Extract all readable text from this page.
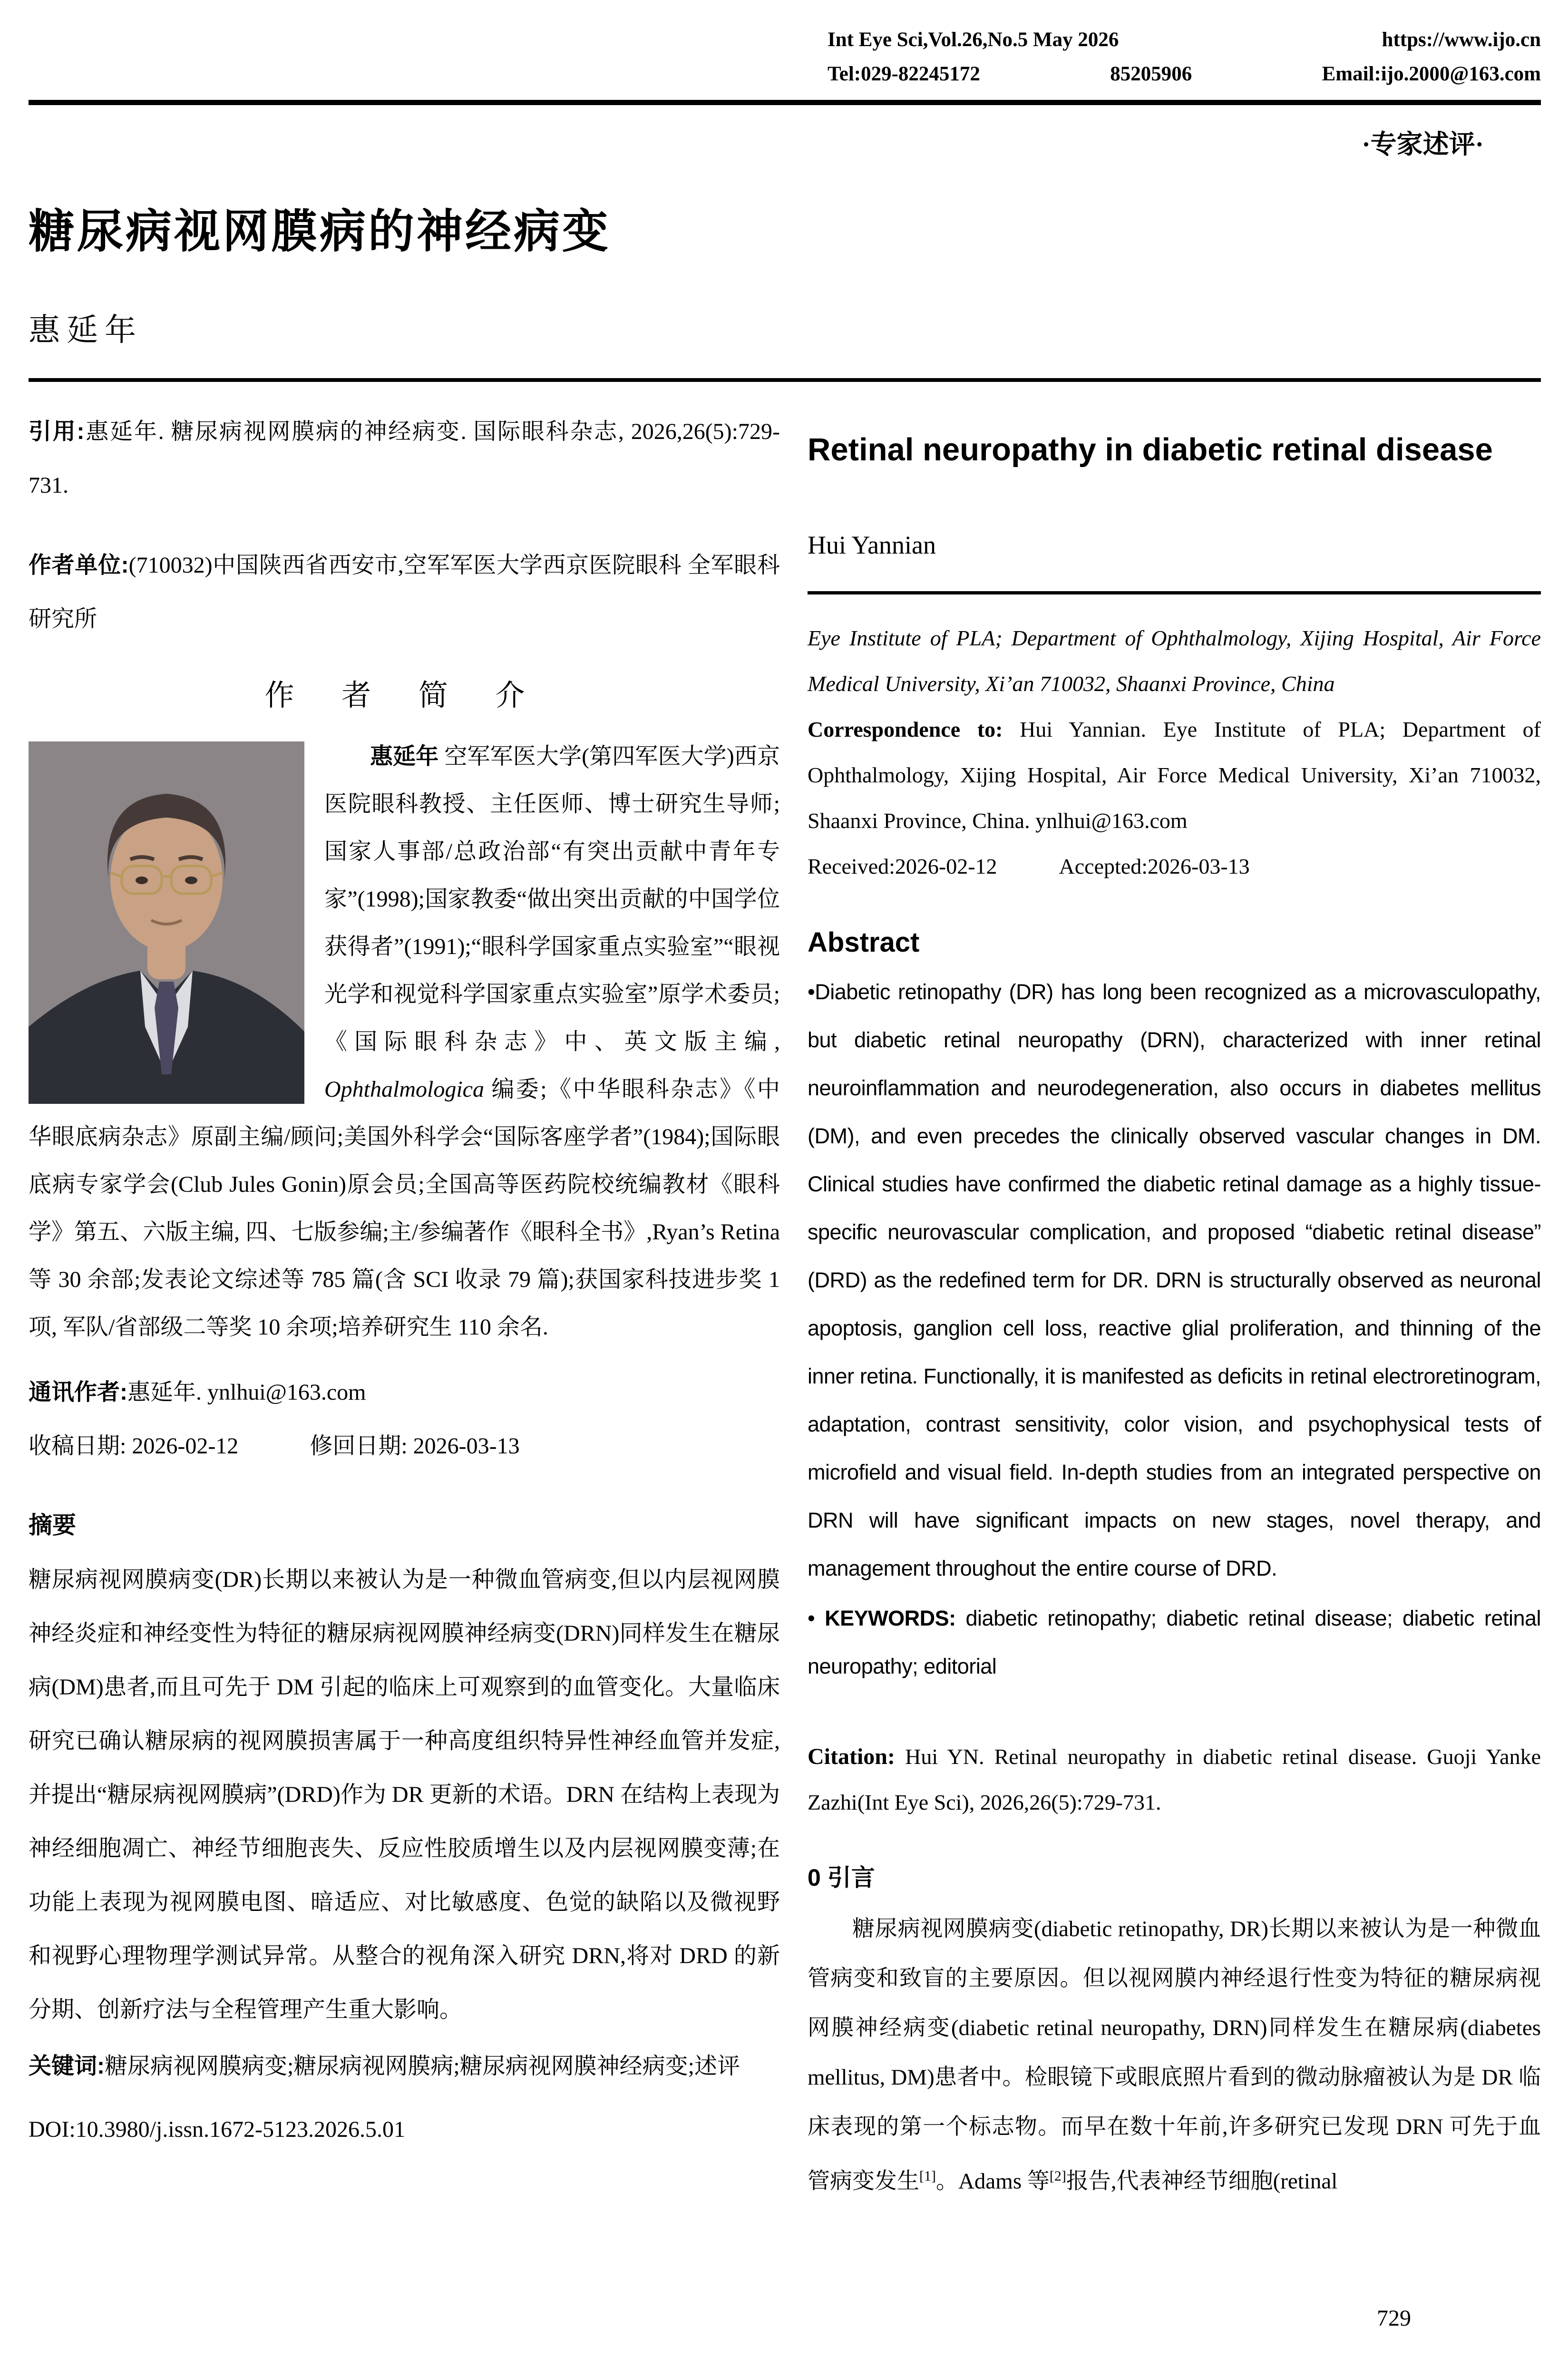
Int Eye Sci,Vol.26,No.5 May 2026	https://www.ijo.cn
Tel:029-82245172	85205906	Email:ijo.2000@163.com
·专家述评·
糖尿病视网膜病的神经病变
惠延年

引用:惠延年. 糖尿病视网膜病的神经病变. 国际眼科杂志, 2026,26(5):729-731.

作者单位:(710032)中国陕西省西安市,空军军医大学西京医院眼科 全军眼科研究所

作 者 简 介

惠延年 空军军医大学(第四军医大学)西京医院眼科教授、主任医师、博士研究生导师;国家人事部/总政治部“有突出贡献中青年专家”(1998);国家教委“做出突出贡献的中国学位获得者”(1991);“眼科学国家重点实验室”“眼视光学和视觉科学国家重点实验室”原学术委员;《国际眼科杂志》中、英文版主编, Ophthalmologica 编委;《中华眼科杂志》《中华眼底病杂志》原副主编/顾问;美国外科学会“国际客座学者”(1984);国际眼底病专家学会(Club Jules Gonin)原会员;全国高等医药院校统编教材《眼科学》第五、六版主编, 四、七版参编;主/参编著作《眼科全书》,Ryan’s Retina 等 30 余部;发表论文综述等 785 篇(含 SCI 收录 79 篇);获国家科技进步奖 1 项, 军队/省部级二等奖 10 余项;培养研究生 110 余名.

通讯作者:惠延年. ynlhui@163.com

收稿日期: 2026-02-12	修回日期: 2026-03-13

摘要

糖尿病视网膜病变(DR)长期以来被认为是一种微血管病变,但以内层视网膜神经炎症和神经变性为特征的糖尿病视网膜神经病变(DRN)同样发生在糖尿病(DM)患者,而且可先于 DM 引起的临床上可观察到的血管变化。大量临床研究已确认糖尿病的视网膜损害属于一种高度组织特异性神经血管并发症,并提出“糖尿病视网膜病”(DRD)作为 DR 更新的术语。DRN 在结构上表现为神经细胞凋亡、神经节细胞丧失、反应性胶质增生以及内层视网膜变薄;在功能上表现为视网膜电图、暗适应、对比敏感度、色觉的缺陷以及微视野和视野心理物理学测试异常。从整合的视角深入研究 DRN,将对 DRD 的新分期、创新疗法与全程管理产生重大影响。

关键词:糖尿病视网膜病变;糖尿病视网膜病;糖尿病视网膜神经病变;述评

DOI:10.3980/j.issn.1672-5123.2026.5.01

Retinal neuropathy in diabetic retinal disease
Hui Yannian

Eye Institute of PLA; Department of Ophthalmology, Xijing Hospital, Air Force Medical University, Xi’an 710032, Shaanxi Province, China

Correspondence to: Hui Yannian. Eye Institute of PLA; Department of Ophthalmology, Xijing Hospital, Air Force Medical University, Xi’an 710032, Shaanxi Province, China. ynlhui@163.com

Received:2026-02-12	Accepted:2026-03-13

Abstract

•Diabetic retinopathy (DR) has long been recognized as a microvasculopathy, but diabetic retinal neuropathy (DRN), characterized with inner retinal neuroinflammation and neurodegeneration, also occurs in diabetes mellitus (DM), and even precedes the clinically observed vascular changes in DM. Clinical studies have confirmed the diabetic retinal damage as a highly tissue-specific neurovascular complication, and proposed “diabetic retinal disease” (DRD) as the redefined term for DR. DRN is structurally observed as neuronal apoptosis, ganglion cell loss, reactive glial proliferation, and thinning of the inner retina. Functionally, it is manifested as deficits in retinal electroretinogram, adaptation, contrast sensitivity, color vision, and psychophysical tests of microfield and visual field. In-depth studies from an integrated perspective on DRN will have significant impacts on new stages, novel therapy, and management throughout the entire course of DRD.

• KEYWORDS: diabetic retinopathy; diabetic retinal disease; diabetic retinal neuropathy; editorial

Citation: Hui YN. Retinal neuropathy in diabetic retinal disease. Guoji Yanke Zazhi(Int Eye Sci), 2026,26(5):729-731.

0 引言

糖尿病视网膜病变(diabetic retinopathy, DR)长期以来被认为是一种微血管病变和致盲的主要原因。但以视网膜内神经退行性变为特征的糖尿病视网膜神经病变(diabetic retinal neuropathy, DRN)同样发生在糖尿病(diabetes mellitus, DM)患者中。检眼镜下或眼底照片看到的微动脉瘤被认为是 DR 临床表现的第一个标志物。而早在数十年前,许多研究已发现 DRN 可先于血管病变发生[1]。Adams 等[2]报告,代表神经节细胞(retinal

729
